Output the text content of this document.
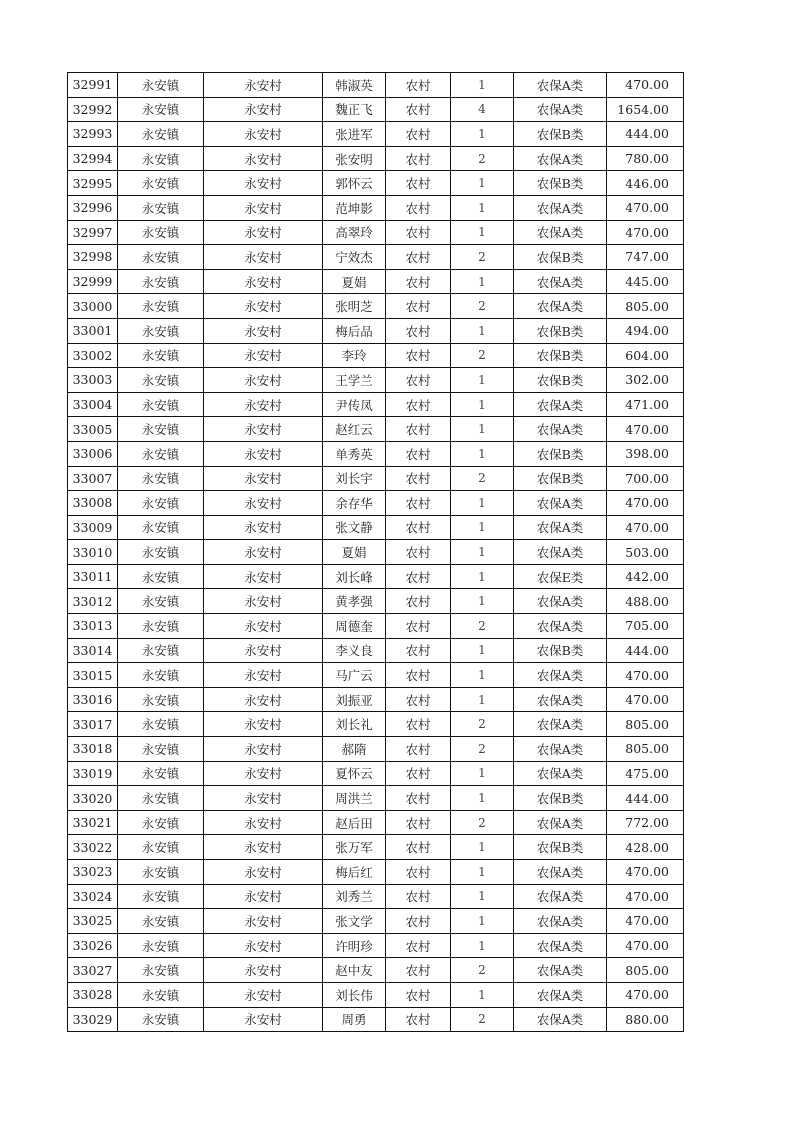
32991	永安镇	永安村	韩淑英	农村	1	农保A类	470.00
32992	永安镇	永安村	魏正飞	农村	4	农保A类	1654.00
32993	永安镇	永安村	张进军	农村	1	农保B类	444.00
32994	永安镇	永安村	张安明	农村	2	农保A类	780.00
32995	永安镇	永安村	郭怀云	农村	1	农保B类	446.00
32996	永安镇	永安村	范坤影	农村	1	农保A类	470.00
32997	永安镇	永安村	高翠玲	农村	1	农保A类	470.00
32998	永安镇	永安村	宁效杰	农村	2	农保B类	747.00
32999	永安镇	永安村	夏娟	农村	1	农保A类	445.00
33000	永安镇	永安村	张明芝	农村	2	农保A类	805.00
33001	永安镇	永安村	梅后品	农村	1	农保B类	494.00
33002	永安镇	永安村	李玲	农村	2	农保B类	604.00
33003	永安镇	永安村	王学兰	农村	1	农保B类	302.00
33004	永安镇	永安村	尹传凤	农村	1	农保A类	471.00
33005	永安镇	永安村	赵红云	农村	1	农保A类	470.00
33006	永安镇	永安村	单秀英	农村	1	农保B类	398.00
33007	永安镇	永安村	刘长宇	农村	2	农保B类	700.00
33008	永安镇	永安村	余存华	农村	1	农保A类	470.00
33009	永安镇	永安村	张文静	农村	1	农保A类	470.00
33010	永安镇	永安村	夏娟	农村	1	农保A类	503.00
33011	永安镇	永安村	刘长峰	农村	1	农保E类	442.00
33012	永安镇	永安村	黄孝强	农村	1	农保A类	488.00
33013	永安镇	永安村	周德奎	农村	2	农保A类	705.00
33014	永安镇	永安村	李义良	农村	1	农保B类	444.00
33015	永安镇	永安村	马广云	农村	1	农保A类	470.00
33016	永安镇	永安村	刘振亚	农村	1	农保A类	470.00
33017	永安镇	永安村	刘长礼	农村	2	农保A类	805.00
33018	永安镇	永安村	郝隋	农村	2	农保A类	805.00
33019	永安镇	永安村	夏怀云	农村	1	农保A类	475.00
33020	永安镇	永安村	周洪兰	农村	1	农保B类	444.00
33021	永安镇	永安村	赵后田	农村	2	农保A类	772.00
33022	永安镇	永安村	张万军	农村	1	农保B类	428.00
33023	永安镇	永安村	梅后红	农村	1	农保A类	470.00
33024	永安镇	永安村	刘秀兰	农村	1	农保A类	470.00
33025	永安镇	永安村	张文学	农村	1	农保A类	470.00
33026	永安镇	永安村	许明珍	农村	1	农保A类	470.00
33027	永安镇	永安村	赵中友	农村	2	农保A类	805.00
33028	永安镇	永安村	刘长伟	农村	1	农保A类	470.00
33029	永安镇	永安村	周勇	农村	2	农保A类	880.00
